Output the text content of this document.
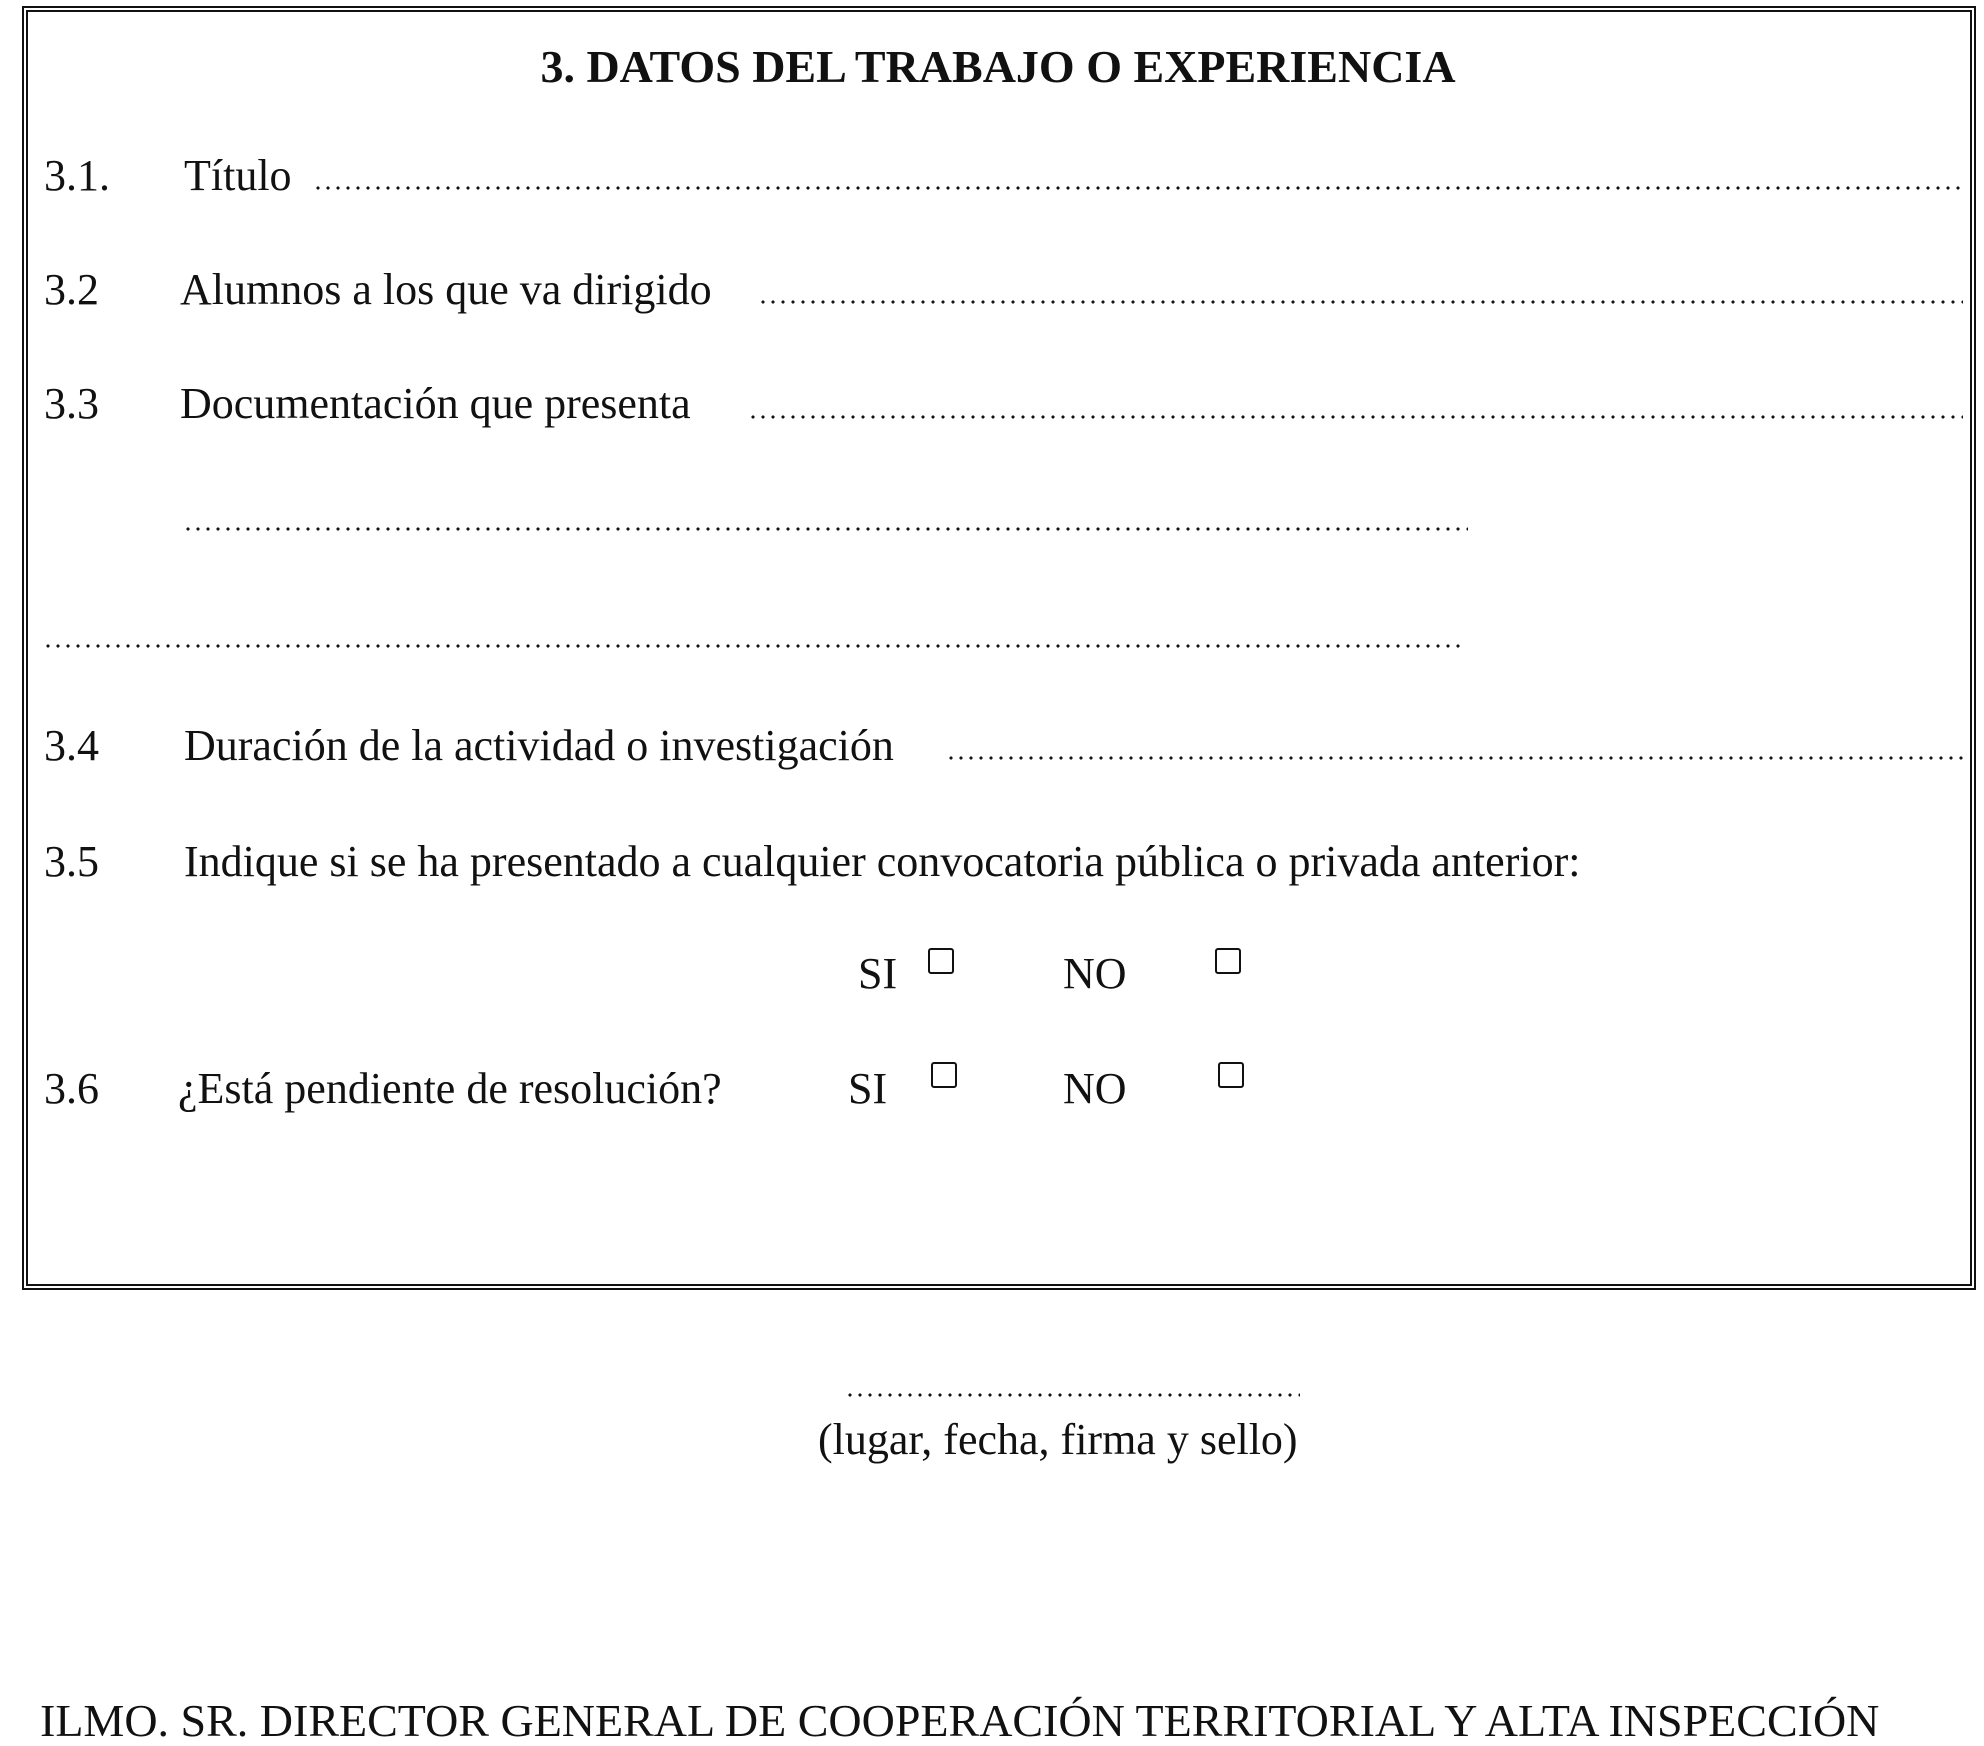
3. DATOS DEL TRABAJO O EXPERIENCIA
3.1. Título
3.2 Alumnos a los que va dirigido
3.3 Documentación que presenta
3.4 Duración de la actividad o investigación
3.5 Indique si se ha presentado a cualquier convocatoria pública o privada anterior:
SI	NO
3.6 ¿Está pendiente de resolución?	SI	NO
(lugar, fecha, firma y sello)
ILMO. SR. DIRECTOR GENERAL DE COOPERACIÓN TERRITORIAL Y ALTA INSPECCIÓN
